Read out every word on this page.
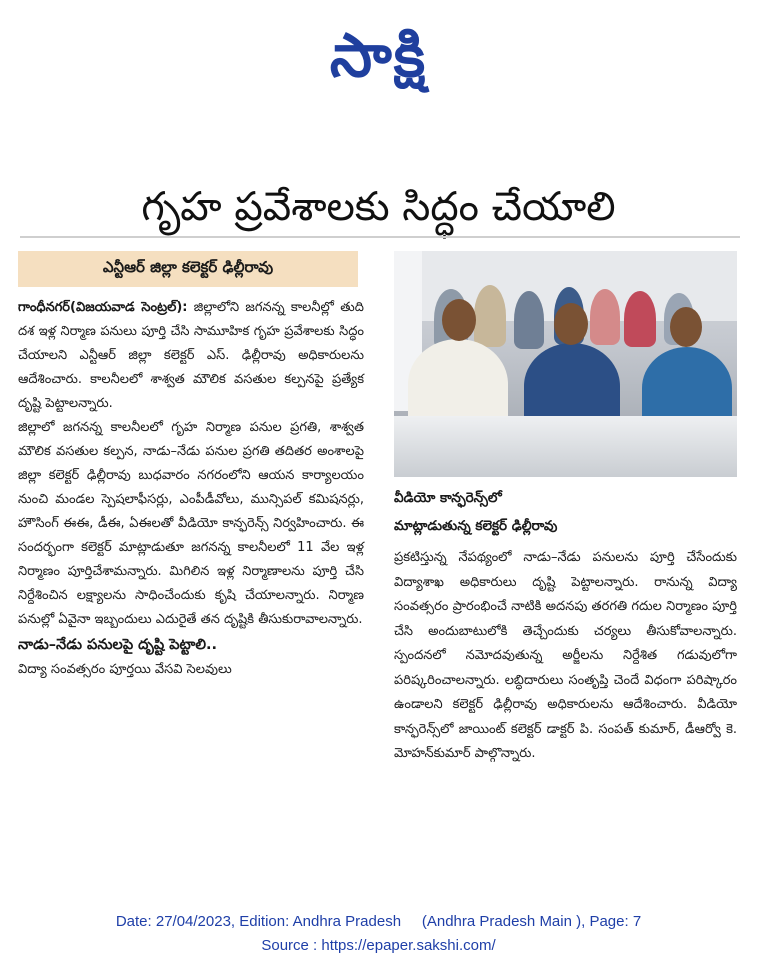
సాక్షి
గృహ ప్రవేశాలకు సిద్ధం చేయాలి
ఎన్టీఆర్ జిల్లా కలెక్టర్ ఢిల్లీరావు

గాంధీనగర్(విజయవాడ సెంట్రల్): జిల్లాలోని జగనన్న కాలనీల్లో తుది దశ ఇళ్ల నిర్మాణ పనులు పూర్తి చేసి సామూహిక గృహ ప్రవేశాలకు సిద్ధం చేయాలని ఎన్టీఆర్ జిల్లా కలెక్టర్ ఎస్. ఢిల్లీరావు అధికారులను ఆదేశించారు. కాలనీలలో శాశ్వత మౌలిక వసతుల కల్పనపై ప్రత్యేక దృష్టి పెట్టాలన్నారు.

జిల్లాలో జగనన్న కాలనీలలో గృహ నిర్మాణ పనుల ప్రగతి, శాశ్వత మౌలిక వసతుల కల్పన, నాడు–నేడు పనుల ప్రగతి తదితర అంశాలపై జిల్లా కలెక్టర్ ఢిల్లీరావు బుధవారం నగరంలోని ఆయన కార్యాలయం నుంచి మండల స్పెషలాఫీసర్లు, ఎంపీడీవోలు, మున్సిపల్ కమిషనర్లు, హౌసింగ్ ఈఈ, డీఈ, ఏఈలతో వీడియో కాన్ఫరెన్స్ నిర్వహించారు. ఈ సందర్భంగా కలెక్టర్ మాట్లాడుతూ జగనన్న కాలనీలలో 11 వేల ఇళ్ల నిర్మాణం పూర్తిచేశామన్నారు. మిగిలిన ఇళ్ల నిర్మాణాలను పూర్తి చేసి నిర్దేశించిన లక్ష్యాలను సాధించేందుకు కృషి చేయాలన్నారు. నిర్మాణ పనుల్లో ఏవైనా ఇబ్బందులు ఎదురైతే తన దృష్టికి తీసుకురావాలన్నారు.

నాడు–నేడు పనులపై దృష్టి పెట్టాలి..

విద్యా సంవత్సరం పూర్తయి వేసవి సెలవులు

వీడియో కాన్ఫరెన్స్‌లో
మాట్లాడుతున్న కలెక్టర్ ఢిల్లీరావు

ప్రకటిస్తున్న నేపథ్యంలో నాడు–నేడు పనులను పూర్తి చేసేందుకు విద్యాశాఖ అధికారులు దృష్టి పెట్టాలన్నారు. రానున్న విద్యా సంవత్సరం ప్రారంభించే నాటికి అదనపు తరగతి గదుల నిర్మాణం పూర్తి చేసి అందుబాటులోకి తెచ్చేందుకు చర్యలు తీసుకోవాలన్నారు. స్పందనలో నమోదవుతున్న అర్జీలను నిర్దేశిత గడువులోగా పరిష్కరించాలన్నారు. లబ్ధిదారులు సంతృప్తి చెందే విధంగా పరిష్కారం ఉండాలని కలెక్టర్ ఢిల్లీరావు అధికారులను ఆదేశించారు. వీడియో కాన్ఫరెన్స్‌లో జాయింట్ కలెక్టర్ డాక్టర్ పి. సంపత్ కుమార్, డీఆర్వో కె. మోహన్‌కుమార్ పాల్గొన్నారు.

Date: 27/04/2023, Edition: Andhra Pradesh     (Andhra Pradesh Main ), Page: 7
Source : https://epaper.sakshi.com/
